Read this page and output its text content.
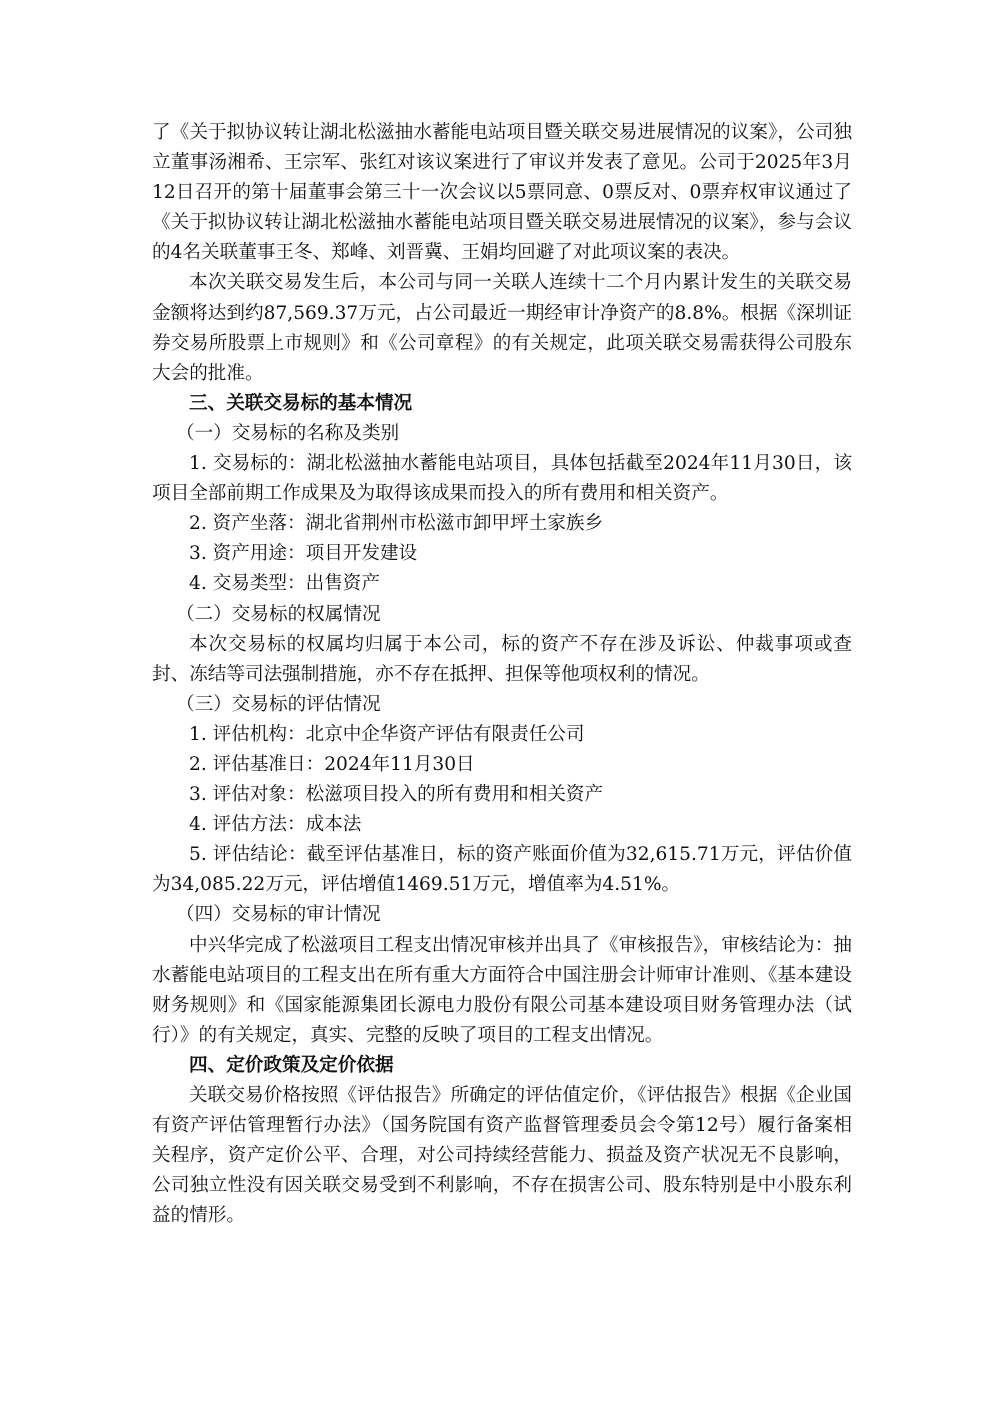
了《关于拟协议转让湖北松滋抽水蓄能电站项目暨关联交易进展情况的议案》，公司独立董事汤湘希、王宗军、张红对该议案进行了审议并发表了意见。公司于2025年3月12日召开的第十届董事会第三十一次会议以5票同意、0票反对、0票弃权审议通过了《关于拟协议转让湖北松滋抽水蓄能电站项目暨关联交易进展情况的议案》，参与会议的4名关联董事王冬、郑峰、刘晋冀、王娟均回避了对此项议案的表决。

本次关联交易发生后，本公司与同一关联人连续十二个月内累计发生的关联交易金额将达到约87,569.37万元，占公司最近一期经审计净资产的8.8%。根据《深圳证券交易所股票上市规则》和《公司章程》的有关规定，此项关联交易需获得公司股东大会的批准。

三、关联交易标的基本情况

（一）交易标的名称及类别

1. 交易标的：湖北松滋抽水蓄能电站项目，具体包括截至2024年11月30日，该项目全部前期工作成果及为取得该成果而投入的所有费用和相关资产。

2. 资产坐落：湖北省荆州市松滋市卸甲坪土家族乡

3. 资产用途：项目开发建设

4. 交易类型：出售资产

（二）交易标的权属情况

本次交易标的权属均归属于本公司，标的资产不存在涉及诉讼、仲裁事项或查封、冻结等司法强制措施，亦不存在抵押、担保等他项权利的情况。

（三）交易标的评估情况

1. 评估机构：北京中企华资产评估有限责任公司

2. 评估基准日：2024年11月30日

3. 评估对象：松滋项目投入的所有费用和相关资产

4. 评估方法：成本法

5. 评估结论：截至评估基准日，标的资产账面价值为32,615.71万元，评估价值为34,085.22万元，评估增值1469.51万元，增值率为4.51%。

（四）交易标的审计情况

中兴华完成了松滋项目工程支出情况审核并出具了《审核报告》，审核结论为：抽水蓄能电站项目的工程支出在所有重大方面符合中国注册会计师审计准则、《基本建设财务规则》和《国家能源集团长源电力股份有限公司基本建设项目财务管理办法（试行）》的有关规定，真实、完整的反映了项目的工程支出情况。

四、定价政策及定价依据

关联交易价格按照《评估报告》所确定的评估值定价，《评估报告》根据《企业国有资产评估管理暂行办法》（国务院国有资产监督管理委员会令第12号）履行备案相关程序，资产定价公平、合理，对公司持续经营能力、损益及资产状况无不良影响，公司独立性没有因关联交易受到不利影响，不存在损害公司、股东特别是中小股东利益的情形。
